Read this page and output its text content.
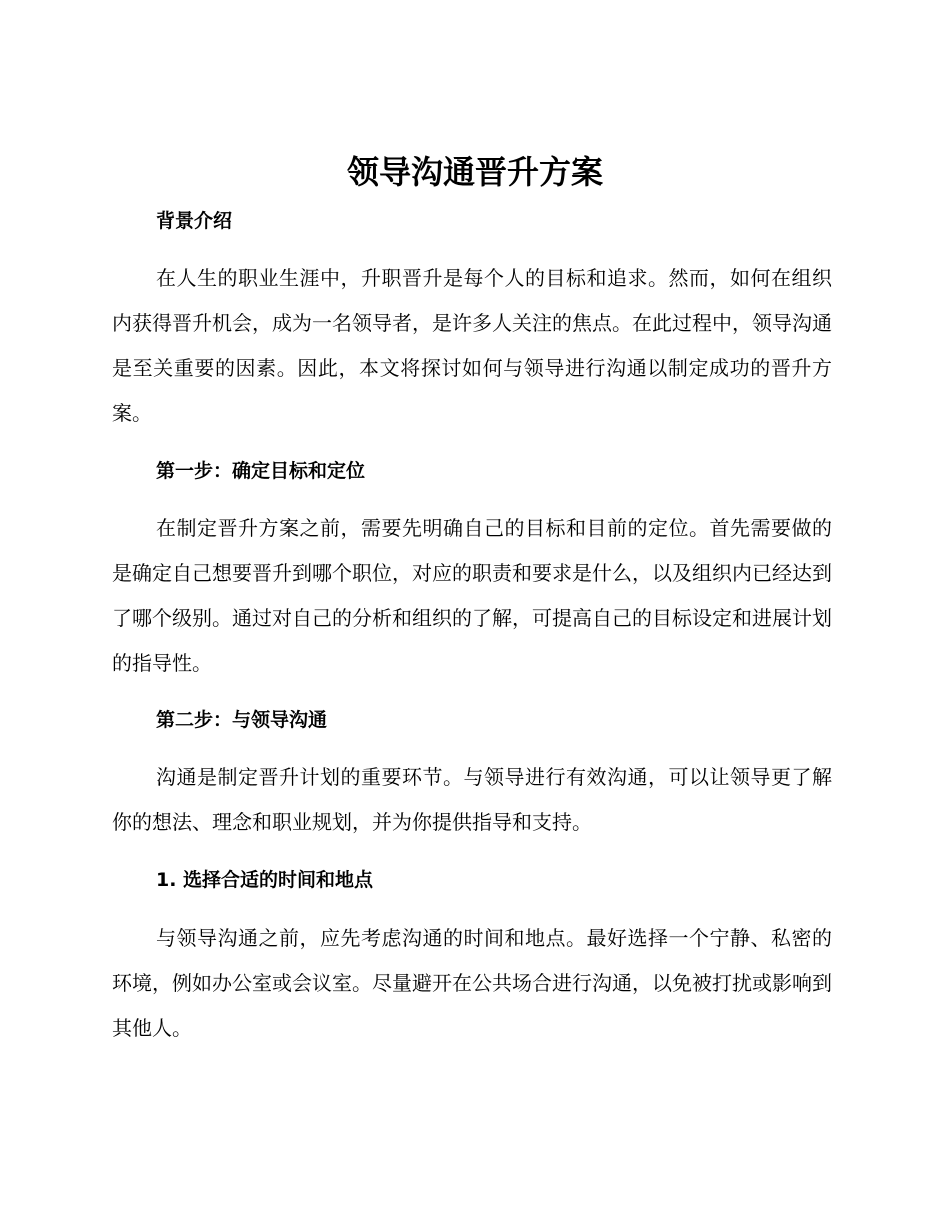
领导沟通晋升方案
背景介绍

在人生的职业生涯中，升职晋升是每个人的目标和追求。然而，如何在组织内获得晋升机会，成为一名领导者，是许多人关注的焦点。在此过程中，领导沟通是至关重要的因素。因此，本文将探讨如何与领导进行沟通以制定成功的晋升方案。

第一步：确定目标和定位

在制定晋升方案之前，需要先明确自己的目标和目前的定位。首先需要做的是确定自己想要晋升到哪个职位，对应的职责和要求是什么，以及组织内已经达到了哪个级别。通过对自己的分析和组织的了解，可提高自己的目标设定和进展计划的指导性。

第二步：与领导沟通

沟通是制定晋升计划的重要环节。与领导进行有效沟通，可以让领导更了解你的想法、理念和职业规划，并为你提供指导和支持。

1. 选择合适的时间和地点

与领导沟通之前，应先考虑沟通的时间和地点。最好选择一个宁静、私密的环境，例如办公室或会议室。尽量避开在公共场合进行沟通，以免被打扰或影响到其他人。
